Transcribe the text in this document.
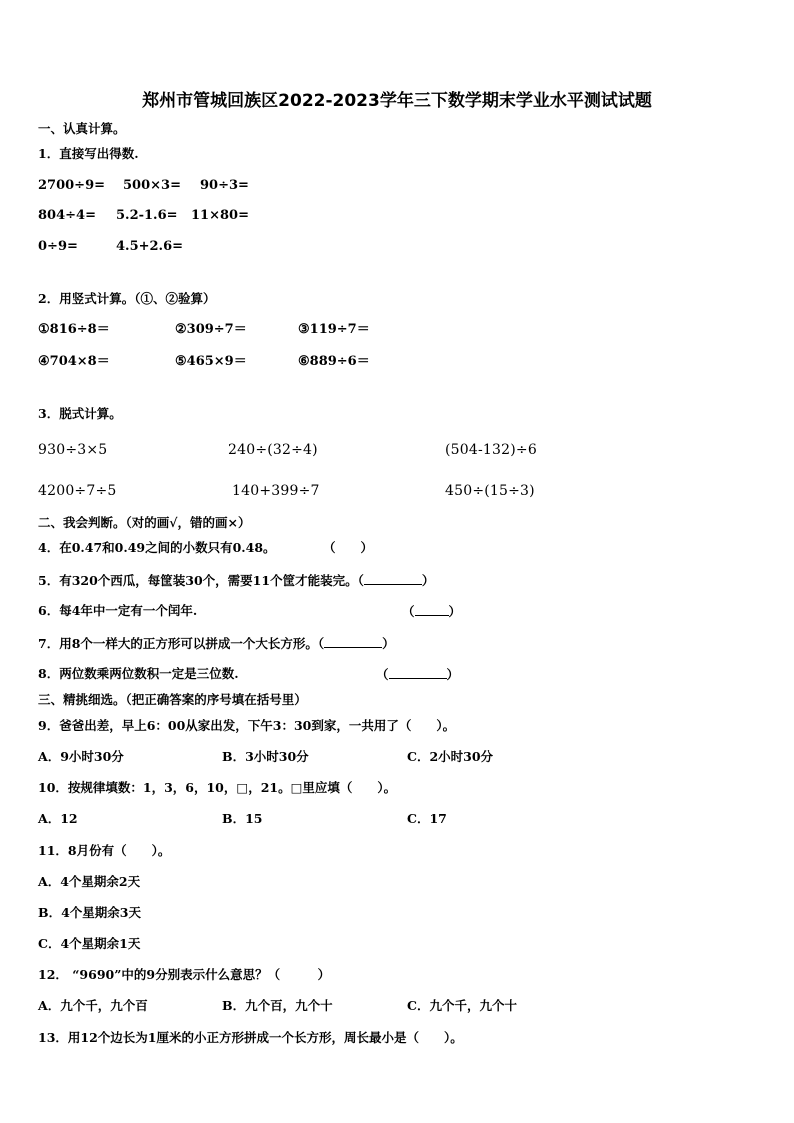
郑州市管城回族区2022-2023学年三下数学期末学业水平测试试题
一、认真计算。
1．直接写出得数.
2700÷9= 500×3= 90÷3=
804÷4= 5.2-1.6= 11×80=
0÷9=	4.5+2.6=
2．用竖式计算。（①、②验算）
①816÷8＝	②309÷7＝	③119÷7＝
④704×8＝	⑤465×9＝	⑥889÷6＝
3．脱式计算。
930÷3×5	240÷(32÷4)	(504-132)÷6
4200÷7÷5	140+399÷7	450÷(15÷3)
二、我会判断。（对的画√，错的画×）
4．在0.47和0.49之间的小数只有0.48。	（　　）
5．有320个西瓜，每筐装30个，需要11个筐才能装完。（	）
6．每4年中一定有一个闰年.	（	）
7．用8个一样大的正方形可以拼成一个大长方形。（	）
8．两位数乘两位数积一定是三位数.	（	）
三、精挑细选。（把正确答案的序号填在括号里）
9．爸爸出差，早上6：00从家出发，下午3：30到家，一共用了（　　）。
A．9小时30分	B．3小时30分	C．2小时30分
10．按规律填数：1，3，6，10，□，21。□里应填（　　）。
A．12	B．15	C．17
11．8月份有（　　）。
A．4个星期余2天
B．4个星期余3天
C．4个星期余1天
12． “9690”中的9分别表示什么意思？（　　　）
A．九个千，九个百	B．九个百，九个十	C．九个千，九个十
13．用12个边长为1厘米的小正方形拼成一个长方形，周长最小是（　　）。
